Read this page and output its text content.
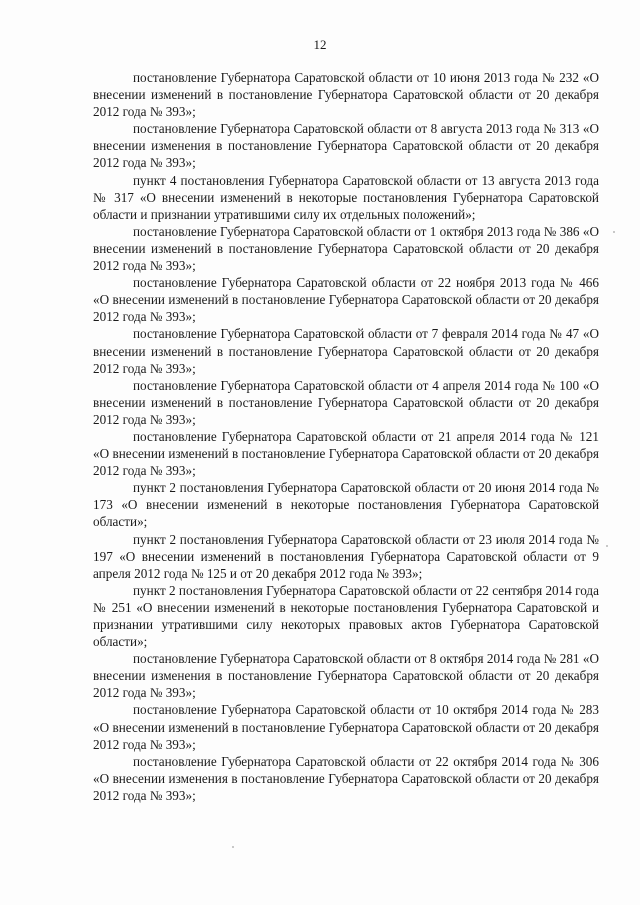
12

постановление Губернатора Саратовской области от 10 июня 2013 года № 232 «О внесении изменений в постановление Губернатора Саратовской области от 20 декабря 2012 года № 393»;

постановление Губернатора Саратовской области от 8 августа 2013 года № 313 «О внесении изменения в постановление Губернатора Саратовской области от 20 декабря 2012 года № 393»;

пункт 4 постановления Губернатора Саратовской области от 13 августа 2013 года № 317 «О внесении изменений в некоторые постановления Губернатора Саратовской области и признании утратившими силу их отдельных положений»;

постановление Губернатора Саратовской области от 1 октября 2013 года № 386 «О внесении изменений в постановление Губернатора Саратовской области от 20 декабря 2012 года № 393»;

постановление Губернатора Саратовской области от 22 ноября 2013 года № 466 «О внесении изменений в постановление Губернатора Саратовской области от 20 декабря 2012 года № 393»;

постановление Губернатора Саратовской области от 7 февраля 2014 года № 47 «О внесении изменений в постановление Губернатора Саратовской области от 20 декабря 2012 года № 393»;

постановление Губернатора Саратовской области от 4 апреля 2014 года № 100 «О внесении изменений в постановление Губернатора Саратовской области от 20 декабря 2012 года № 393»;

постановление Губернатора Саратовской области от 21 апреля 2014 года № 121 «О внесении изменений в постановление Губернатора Саратовской области от 20 декабря 2012 года № 393»;

пункт 2 постановления Губернатора Саратовской области от 20 июня 2014 года № 173 «О внесении изменений в некоторые постановления Губернатора Саратовской области»;

пункт 2 постановления Губернатора Саратовской области от 23 июля 2014 года № 197 «О внесении изменений в постановления Губернатора Саратовской области от 9 апреля 2012 года № 125 и от 20 декабря 2012 года № 393»;

пункт 2 постановления Губернатора Саратовской области от 22 сентября 2014 года № 251 «О внесении изменений в некоторые постановления Губернатора Саратовской и признании утратившими силу некоторых правовых актов Губернатора Саратовской области»;

постановление Губернатора Саратовской области от 8 октября 2014 года № 281 «О внесении изменения в постановление Губернатора Саратовской области от 20 декабря 2012 года № 393»;

постановление Губернатора Саратовской области от 10 октября 2014 года № 283 «О внесении изменений в постановление Губернатора Саратовской области от 20 декабря 2012 года № 393»;

постановление Губернатора Саратовской области от 22 октября 2014 года № 306 «О внесении изменения в постановление Губернатора Саратовской области от 20 декабря 2012 года № 393»;
